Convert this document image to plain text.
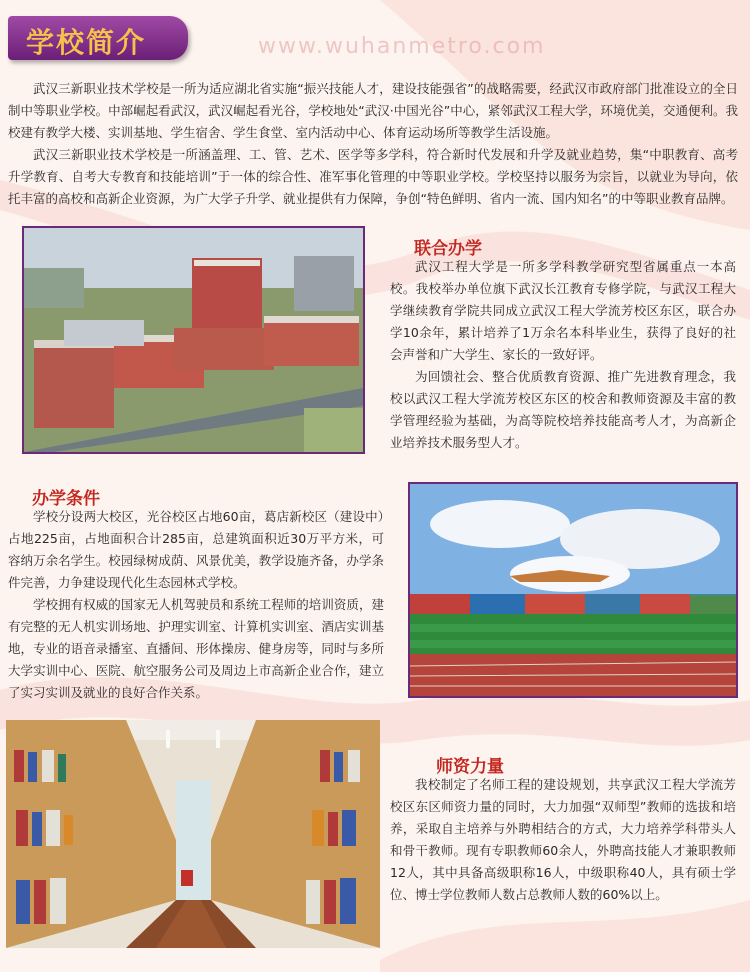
学校简介	www.wuhanmetro.com

武汉三新职业技术学校是一所为适应湖北省实施“振兴技能人才，建设技能强省”的战略需要，经武汉市政府部门批准设立的全日制中等职业学校。中部崛起看武汉，武汉崛起看光谷，学校地处“武汉·中国光谷”中心，紧邻武汉工程大学，环境优美，交通便利。我校建有教学大楼、实训基地、学生宿舍、学生食堂、室内活动中心、体育运动场所等教学生活设施。

武汉三新职业技术学校是一所涵盖理、工、管、艺术、医学等多学科，符合新时代发展和升学及就业趋势，集“中职教育、高考升学教育、自考大专教育和技能培训”于一体的综合性、准军事化管理的中等职业学校。学校坚持以服务为宗旨，以就业为导向，依托丰富的高校和高新企业资源，为广大学子升学、就业提供有力保障，争创“特色鲜明、省内一流、国内知名”的中等职业教育品牌。

联合办学

武汉工程大学是一所多学科教学研究型省属重点一本高校。我校举办单位旗下武汉长江教育专修学院，与武汉工程大学继续教育学院共同成立武汉工程大学流芳校区东区，联合办学10余年，累计培养了1万余名本科毕业生，获得了良好的社会声誉和广大学生、家长的一致好评。

为回馈社会、整合优质教育资源、推广先进教育理念，我校以武汉工程大学流芳校区东区的校舍和教师资源及丰富的教学管理经验为基础，为高等院校培养技能高考人才，为高新企业培养技术服务型人才。

办学条件

学校分设两大校区，光谷校区占地60亩，葛店新校区（建设中）占地225亩，占地面积合计285亩，总建筑面积近30万平方米，可容纳万余名学生。校园绿树成荫、风景优美，教学设施齐备，办学条件完善，力争建设现代化生态园林式学校。

学校拥有权威的国家无人机驾驶员和系统工程师的培训资质，建有完整的无人机实训场地、护理实训室、计算机实训室、酒店实训基地，专业的语音录播室、直播间、形体操房、健身房等，同时与多所大学实训中心、医院、航空服务公司及周边上市高新企业合作，建立了实习实训及就业的良好合作关系。

师资力量

我校制定了名师工程的建设规划，共享武汉工程大学流芳校区东区师资力量的同时，大力加强“双师型”教师的选拔和培养，采取自主培养与外聘相结合的方式，大力培养学科带头人和骨干教师。现有专职教师60余人，外聘高技能人才兼职教师12人，其中具备高级职称16人，中级职称40人，具有硕士学位、博士学位教师人数占总教师人数的60%以上。
